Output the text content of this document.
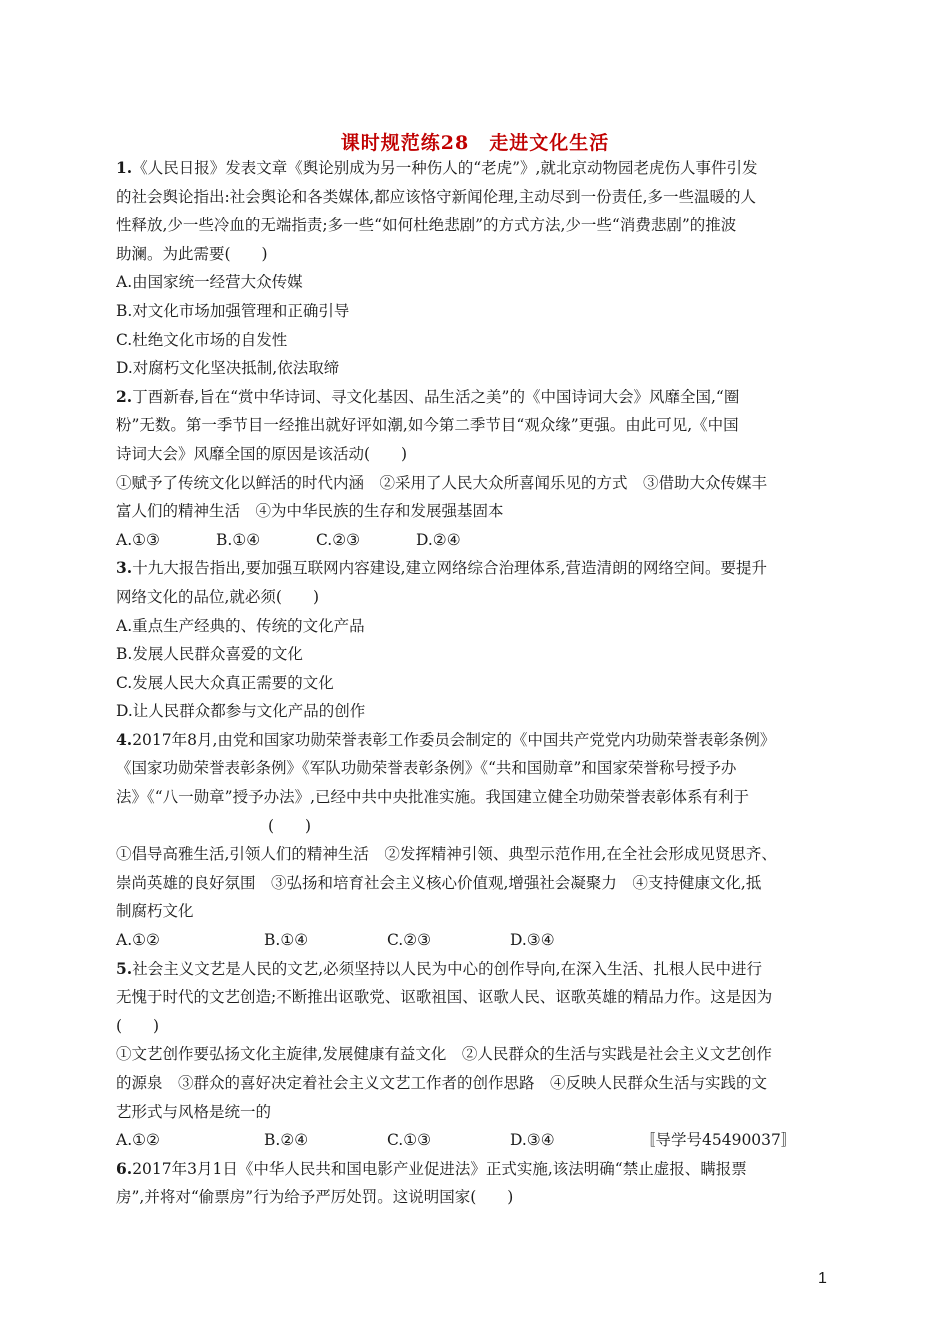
课时规范练28　走进文化生活
1.《人民日报》发表文章《舆论别成为另一种伤人的“老虎”》,就北京动物园老虎伤人事件引发
的社会舆论指出:社会舆论和各类媒体,都应该恪守新闻伦理,主动尽到一份责任,多一些温暖的人
性释放,少一些冷血的无端指责;多一些“如何杜绝悲剧”的方式方法,少一些“消费悲剧”的推波
助澜。为此需要(　　)
A.由国家统一经营大众传媒
B.对文化市场加强管理和正确引导
C.杜绝文化市场的自发性
D.对腐朽文化坚决抵制,依法取缔
2.丁酉新春,旨在“赏中华诗词、寻文化基因、品生活之美”的《中国诗词大会》风靡全国,“圈
粉”无数。第一季节目一经推出就好评如潮,如今第二季节目“观众缘”更强。由此可见,《中国
诗词大会》风靡全国的原因是该活动(　　)
①赋予了传统文化以鲜活的时代内涵　②采用了人民大众所喜闻乐见的方式　③借助大众传媒丰
富人们的精神生活　④为中华民族的生存和发展强基固本
A.①③	B.①④	C.②③	D.②④
3.十九大报告指出,要加强互联网内容建设,建立网络综合治理体系,营造清朗的网络空间。要提升
网络文化的品位,就必须(　　)
A.重点生产经典的、传统的文化产品
B.发展人民群众喜爱的文化
C.发展人民大众真正需要的文化
D.让人民群众都参与文化产品的创作
4.2017年8月,由党和国家功勋荣誉表彰工作委员会制定的《中国共产党党内功勋荣誉表彰条例》
《国家功勋荣誉表彰条例》《军队功勋荣誉表彰条例》《“共和国勋章”和国家荣誉称号授予办
法》《“八一勋章”授予办法》,已经中共中央批准实施。我国建立健全功勋荣誉表彰体系有利于
(　　)
①倡导高雅生活,引领人们的精神生活　②发挥精神引领、典型示范作用,在全社会形成见贤思齐、
崇尚英雄的良好氛围　③弘扬和培育社会主义核心价值观,增强社会凝聚力　④支持健康文化,抵
制腐朽文化
A.①②	B.①④	C.②③	D.③④
5.社会主义文艺是人民的文艺,必须坚持以人民为中心的创作导向,在深入生活、扎根人民中进行
无愧于时代的文艺创造;不断推出讴歌党、讴歌祖国、讴歌人民、讴歌英雄的精品力作。这是因为
(　　)
①文艺创作要弘扬文化主旋律,发展健康有益文化　②人民群众的生活与实践是社会主义文艺创作
的源泉　③群众的喜好决定着社会主义文艺工作者的创作思路　④反映人民群众生活与实践的文
艺形式与风格是统一的
A.①②	B.②④	C.①③	D.③④	〚导学号45490037〛
6.2017年3月1日《中华人民共和国电影产业促进法》正式实施,该法明确“禁止虚报、瞒报票
房”,并将对“偷票房”行为给予严厉处罚。这说明国家(　　)
1
